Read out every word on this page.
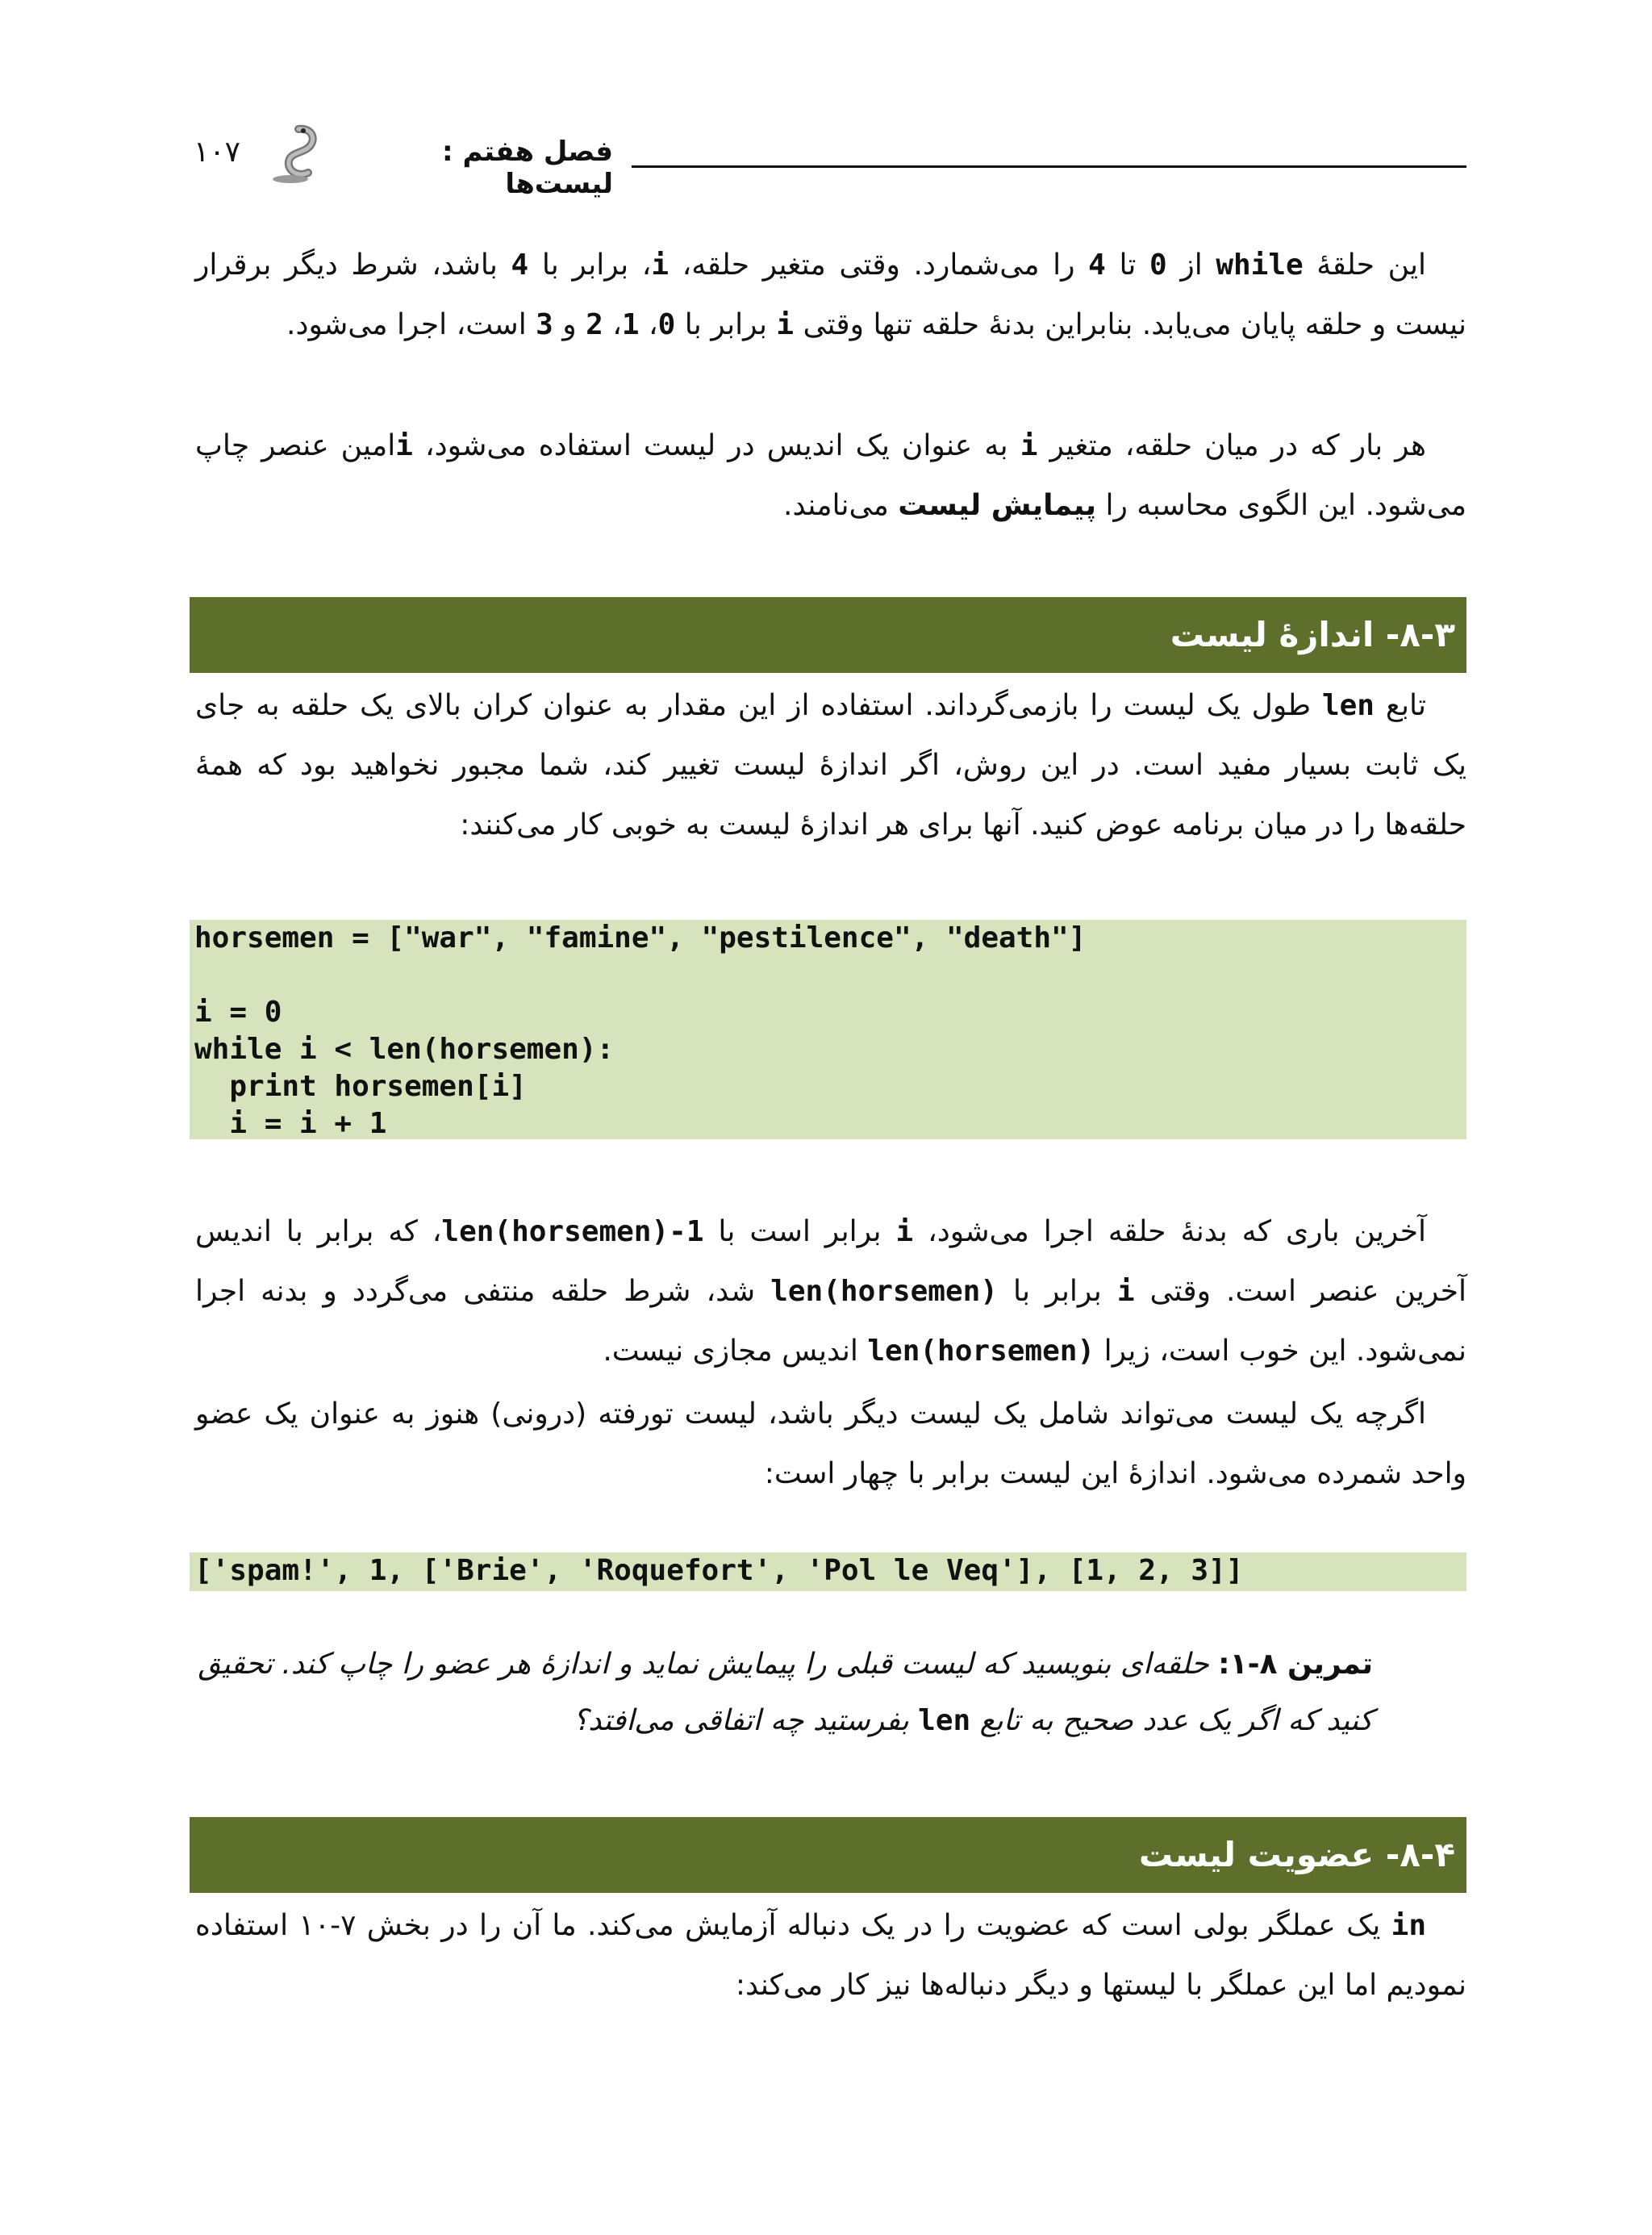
فصل هفتم : لیست‌ها
۱۰۷
این حلقهٔ while از 0 تا 4 را می‌شمارد. وقتی متغیر حلقه، i، برابر با 4 باشد، شرط دیگر برقرار نیست و حلقه پایان می‌یابد. بنابراین بدنهٔ حلقه تنها وقتی i برابر با 0، 1، 2 و 3 است، اجرا می‌شود.
هر بار که در میان حلقه، متغیر i به عنوان یک اندیس در لیست استفاده می‌شود، iامین عنصر چاپ می‌شود. این الگوی محاسبه را پیمایش لیست می‌نامند.
۸-۳- اندازهٔ لیست
تابع len طول یک لیست را بازمی‌گرداند. استفاده از این مقدار به عنوان کران بالای یک حلقه به جای یک ثابت بسیار مفید است. در این روش، اگر اندازهٔ لیست تغییر کند، شما مجبور نخواهید بود که همهٔ حلقه‌ها را در میان برنامه عوض کنید. آنها برای هر اندازهٔ لیست به خوبی کار می‌کنند:
horsemen = ["war", "famine", "pestilence", "death"]

i = 0
while i < len(horsemen):
print horsemen[i]
i = i + 1
آخرین باری که بدنهٔ حلقه اجرا می‌شود، i برابر است با len(horsemen)-1، که برابر با اندیس آخرین عنصر است. وقتی i برابر با len(horsemen) شد، شرط حلقه منتفی می‌گردد و بدنه اجرا نمی‌شود. این خوب است، زیرا len(horsemen) اندیس مجازی نیست.
اگرچه یک لیست می‌تواند شامل یک لیست دیگر باشد، لیست تورفته (درونی) هنوز به عنوان یک عضو واحد شمرده می‌شود. اندازهٔ این لیست برابر با چهار است:
['spam!', 1, ['Brie', 'Roquefort', 'Pol le Veq'], [1, 2, 3]]
تمرین ۸-۱: حلقه‌ای بنویسید که لیست قبلی را پیمایش نماید و اندازهٔ هر عضو را چاپ کند. تحقیق کنید که اگر یک عدد صحیح به تابع len بفرستید چه اتفاقی می‌افتد؟
۸-۴- عضویت لیست
in یک عملگر بولی است که عضویت را در یک دنباله آزمایش می‌کند. ما آن را در بخش ۷-۱۰ استفاده نمودیم اما این عملگر با لیستها و دیگر دنباله‌ها نیز کار می‌کند:
